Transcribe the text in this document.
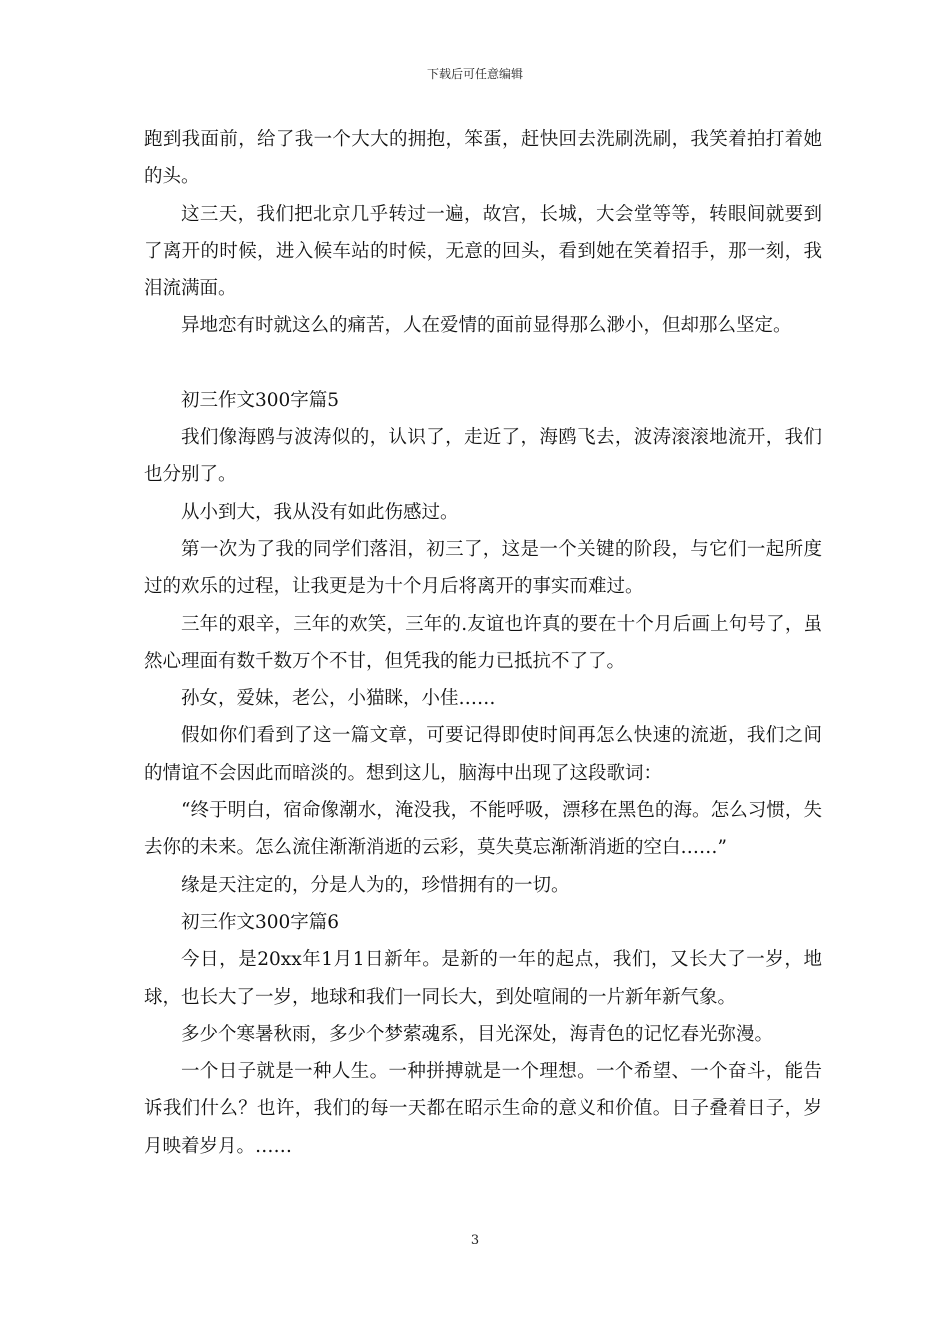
下载后可任意编辑

跑到我面前，给了我一个大大的拥抱，笨蛋，赶快回去洗刷洗刷，我笑着拍打着她的头。

这三天，我们把北京几乎转过一遍，故宫，长城，大会堂等等，转眼间就要到了离开的时候，进入候车站的时候，无意的回头，看到她在笑着招手，那一刻，我泪流满面。

异地恋有时就这么的痛苦，人在爱情的面前显得那么渺小，但却那么坚定。

初三作文300字篇5

我们像海鸥与波涛似的，认识了，走近了，海鸥飞去，波涛滚滚地流开，我们也分别了。

从小到大，我从没有如此伤感过。

第一次为了我的同学们落泪，初三了，这是一个关键的阶段，与它们一起所度过的欢乐的过程，让我更是为十个月后将离开的事实而难过。

三年的艰辛，三年的欢笑，三年的.友谊也许真的要在十个月后画上句号了，虽然心理面有数千数万个不甘，但凭我的能力已抵抗不了了。

孙女，爱妹，老公，小猫眯，小佳……

假如你们看到了这一篇文章，可要记得即使时间再怎么快速的流逝，我们之间的情谊不会因此而暗淡的。想到这儿，脑海中出现了这段歌词：

“终于明白，宿命像潮水，淹没我，不能呼吸，漂移在黑色的海。怎么习惯，失去你的未来。怎么流住渐渐消逝的云彩，莫失莫忘渐渐消逝的空白……”

缘是天注定的，分是人为的，珍惜拥有的一切。

初三作文300字篇6

今日，是20xx年1月1日新年。是新的一年的起点，我们，又长大了一岁，地球，也长大了一岁，地球和我们一同长大，到处喧闹的一片新年新气象。

多少个寒暑秋雨，多少个梦萦魂系，目光深处，海青色的记忆春光弥漫。

一个日子就是一种人生。一种拼搏就是一个理想。一个希望、一个奋斗，能告诉我们什么？也许，我们的每一天都在昭示生命的意义和价值。日子叠着日子，岁月映着岁月。……

3
